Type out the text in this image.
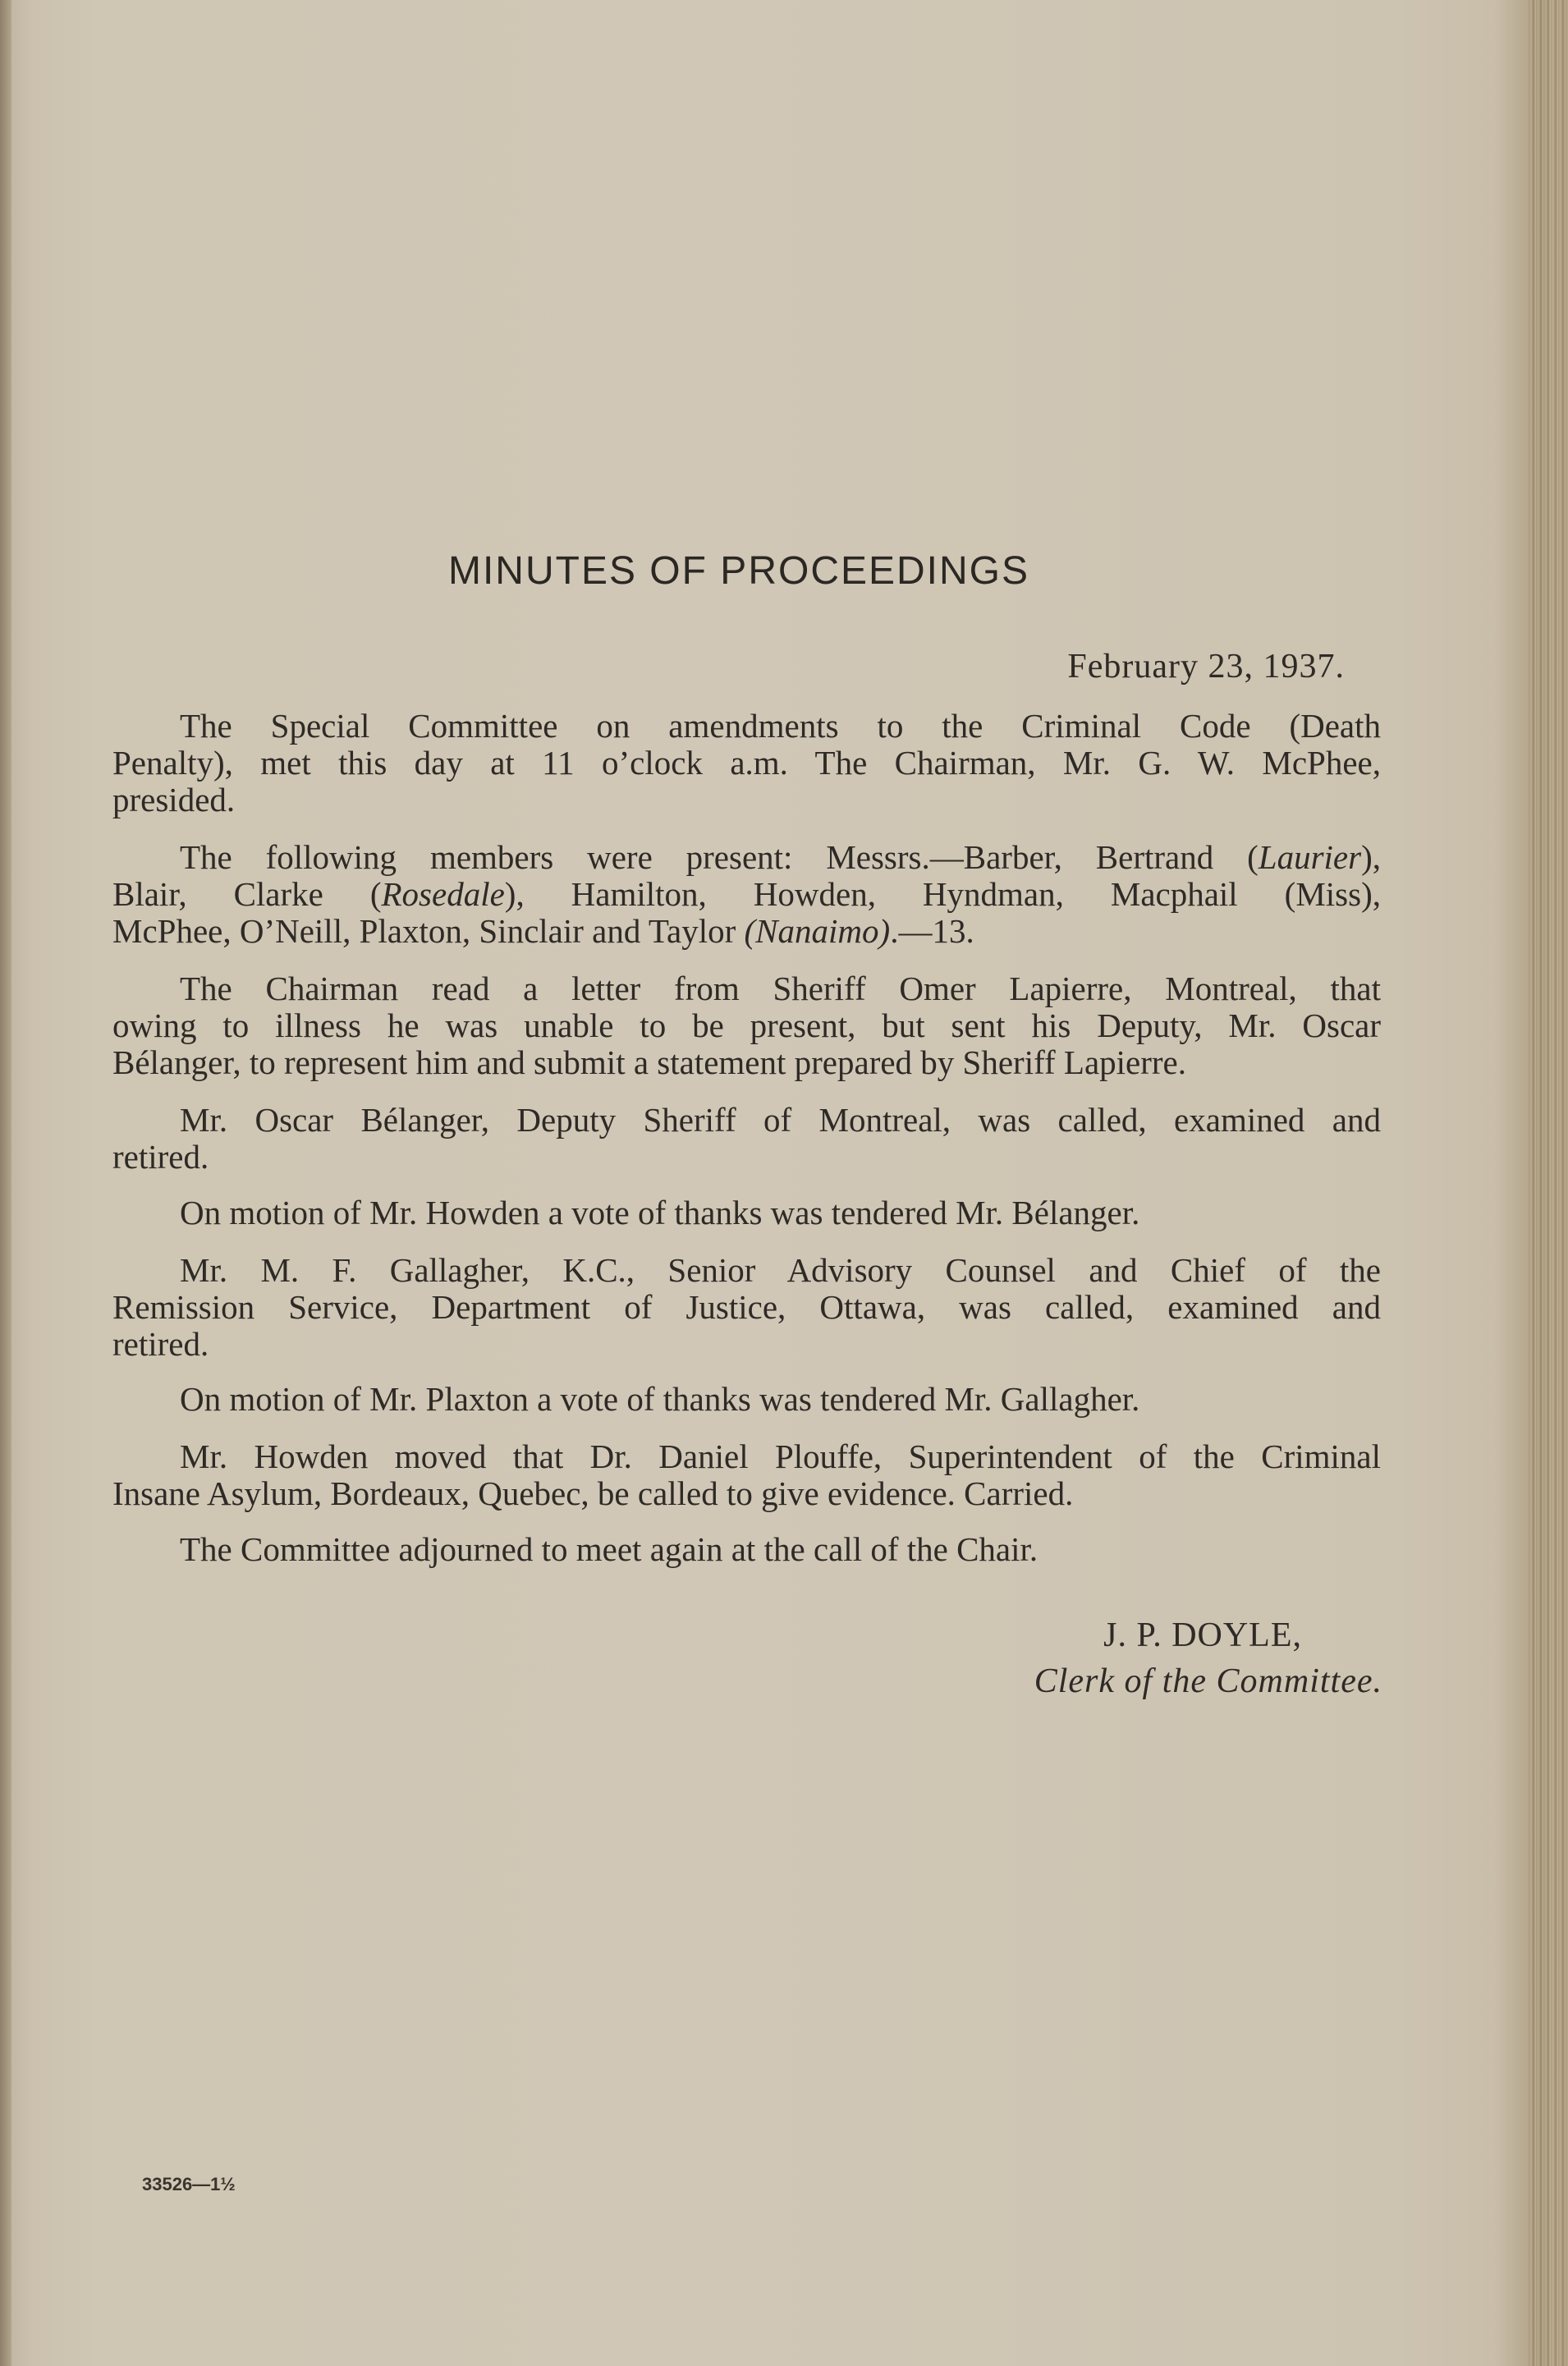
MINUTES OF PROCEEDINGS
February 23, 1937.

The Special Committee on amendments to the Criminal Code (Death
Penalty), met this day at 11 o’clock a.m. The Chairman, Mr. G. W. McPhee,
presided.

The following members were present: Messrs.—Barber, Bertrand (Laurier),
Blair, Clarke (Rosedale), Hamilton, Howden, Hyndman, Macphail (Miss),
McPhee, O’Neill, Plaxton, Sinclair and Taylor (Nanaimo).—13.

The Chairman read a letter from Sheriff Omer Lapierre, Montreal, that
owing to illness he was unable to be present, but sent his Deputy, Mr. Oscar
Bélanger, to represent him and submit a statement prepared by Sheriff Lapierre.

Mr. Oscar Bélanger, Deputy Sheriff of Montreal, was called, examined and
retired.

On motion of Mr. Howden a vote of thanks was tendered Mr. Bélanger.

Mr. M. F. Gallagher, K.C., Senior Advisory Counsel and Chief of the
Remission Service, Department of Justice, Ottawa, was called, examined and
retired.

On motion of Mr. Plaxton a vote of thanks was tendered Mr. Gallagher.

Mr. Howden moved that Dr. Daniel Plouffe, Superintendent of the Criminal
Insane Asylum, Bordeaux, Quebec, be called to give evidence. Carried.

The Committee adjourned to meet again at the call of the Chair.

J. P. DOYLE,
Clerk of the Committee.
33526—1½
